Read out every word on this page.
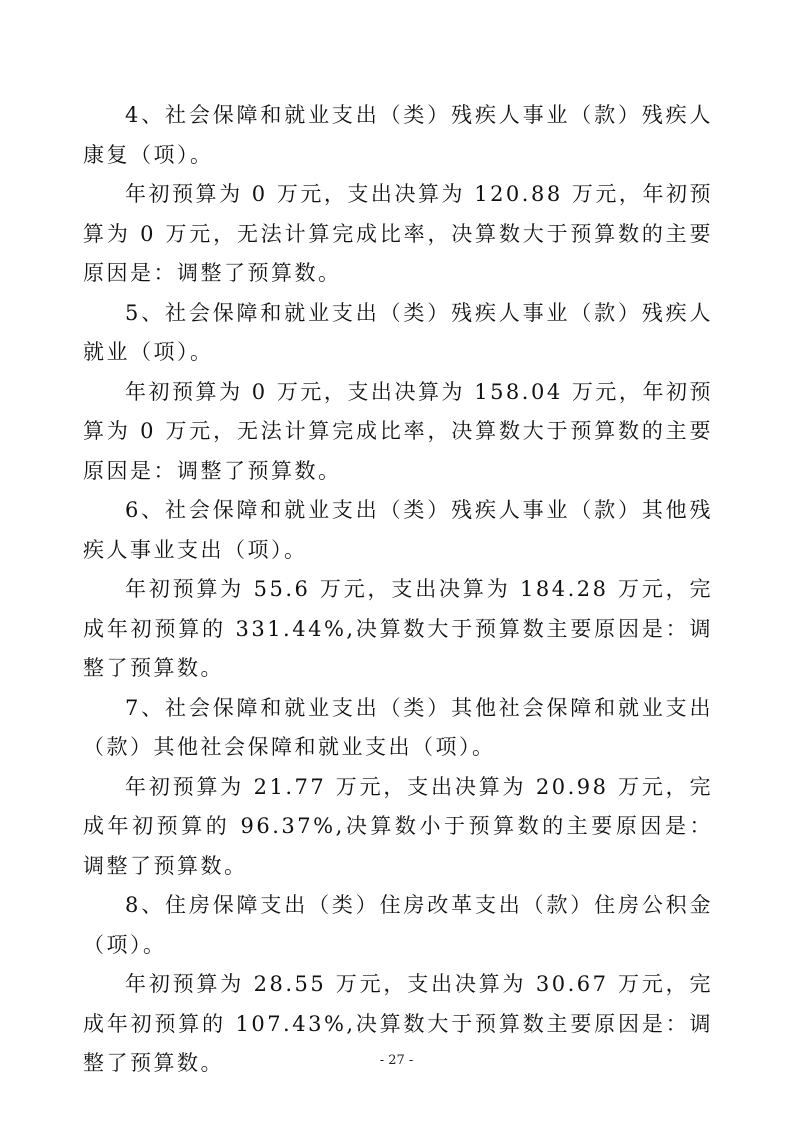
4、社会保障和就业支出（类）残疾人事业（款）残疾人康复（项）。

年初预算为 0 万元，支出决算为 120.88 万元，年初预算为 0 万元，无法计算完成比率，决算数大于预算数的主要原因是：调整了预算数。

5、社会保障和就业支出（类）残疾人事业（款）残疾人就业（项）。

年初预算为 0 万元，支出决算为 158.04 万元，年初预算为 0 万元，无法计算完成比率，决算数大于预算数的主要原因是：调整了预算数。

6、社会保障和就业支出（类）残疾人事业（款）其他残疾人事业支出（项）。

年初预算为 55.6 万元，支出决算为 184.28 万元，完成年初预算的 331.44%,决算数大于预算数主要原因是：调整了预算数。

7、社会保障和就业支出（类）其他社会保障和就业支出（款）其他社会保障和就业支出（项）。

年初预算为 21.77 万元，支出决算为 20.98 万元，完成年初预算的 96.37%,决算数小于预算数的主要原因是：调整了预算数。

8、住房保障支出（类）住房改革支出（款）住房公积金（项）。

年初预算为 28.55 万元，支出决算为 30.67 万元，完成年初预算的 107.43%,决算数大于预算数主要原因是：调整了预算数。	- 27 -
